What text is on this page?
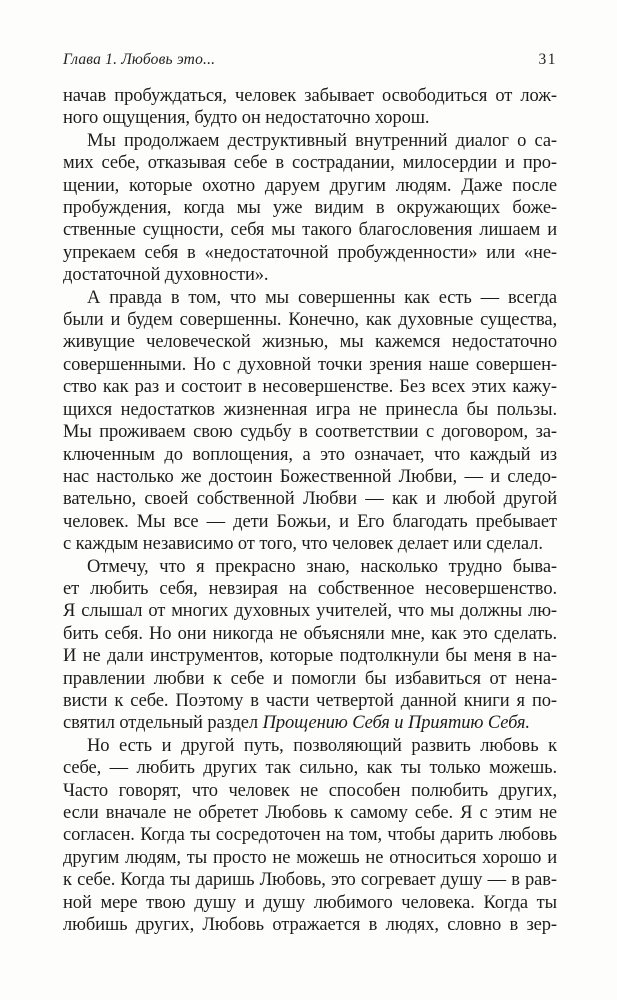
Глава 1. Любовь это...	31
начав пробуждаться, человек забывает освободиться от лож-
ного ощущения, будто он недостаточно хорош.
Мы продолжаем деструктивный внутренний диалог о са-
мих себе, отказывая себе в сострадании, милосердии и про-
щении, которые охотно даруем другим людям. Даже после
пробуждения, когда мы уже видим в окружающих боже-
ственные сущности, себя мы такого благословения лишаем и
упрекаем себя в «недостаточной пробужденности» или «не-
достаточной духовности».
А правда в том, что мы совершенны как есть — всегда
были и будем совершенны. Конечно, как духовные существа,
живущие человеческой жизнью, мы кажемся недостаточно
совершенными. Но с духовной точки зрения наше совершен-
ство как раз и состоит в несовершенстве. Без всех этих кажу-
щихся недостатков жизненная игра не принесла бы пользы.
Мы проживаем свою судьбу в соответствии с договором, за-
ключенным до воплощения, а это означает, что каждый из
нас настолько же достоин Божественной Любви, — и следо-
вательно, своей собственной Любви — как и любой другой
человек. Мы все — дети Божьи, и Его благодать пребывает
с каждым независимо от того, что человек делает или сделал.
Отмечу, что я прекрасно знаю, насколько трудно быва-
ет любить себя, невзирая на собственное несовершенство.
Я слышал от многих духовных учителей, что мы должны лю-
бить себя. Но они никогда не объясняли мне, как это сделать.
И не дали инструментов, которые подтолкнули бы меня в на-
правлении любви к себе и помогли бы избавиться от нена-
висти к себе. Поэтому в части четвертой данной книги я по-
святил отдельный раздел Прощению Себя и Приятию Себя.
Но есть и другой путь, позволяющий развить любовь к
себе, — любить других так сильно, как ты только можешь.
Часто говорят, что человек не способен полюбить других,
если вначале не обретет Любовь к самому себе. Я с этим не
согласен. Когда ты сосредоточен на том, чтобы дарить любовь
другим людям, ты просто не можешь не относиться хорошо и
к себе. Когда ты даришь Любовь, это согревает душу — в рав-
ной мере твою душу и душу любимого человека. Когда ты
любишь других, Любовь отражается в людях, словно в зер-
